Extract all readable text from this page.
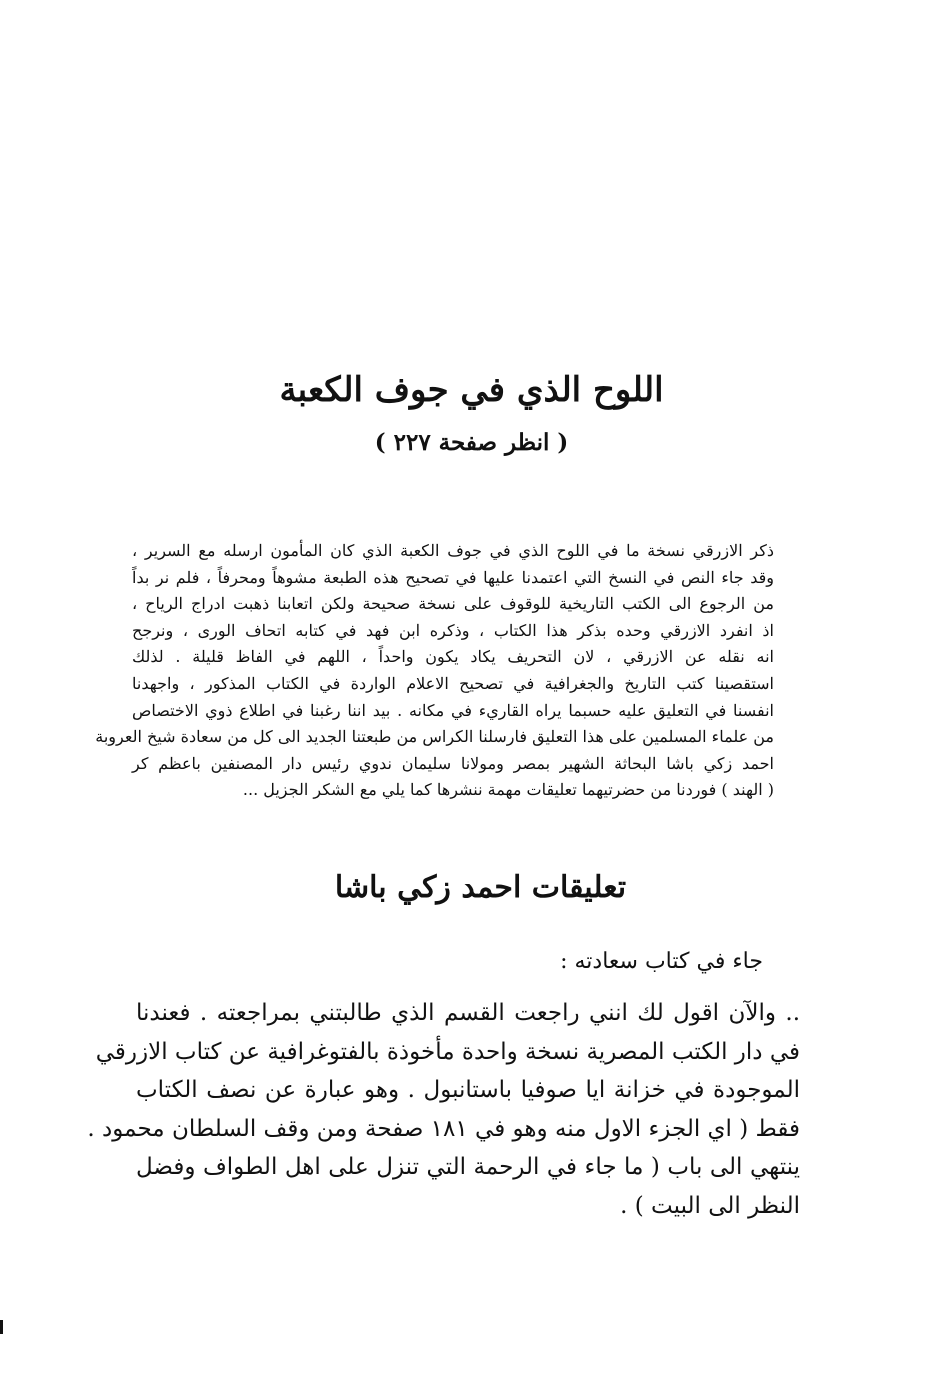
اللوح الذي في جوف الكعبة
( انظر صفحة ٢٢٧ )
ذكر الازرقي نسخة ما في اللوح الذي في جوف الكعبة الذي كان المأمون ارسله مع السرير ،
وقد جاء النص في النسخ التي اعتمدنا عليها في تصحيح هذه الطبعة مشوهاً ومحرفاً ، فلم نر بداً
من الرجوع الى الكتب التاريخية للوقوف على نسخة صحيحة ولكن اتعابنا ذهبت ادراج الرياح ،
اذ انفرد الازرقي وحده بذكر هذا الكتاب ، وذكره ابن فهد في كتابه اتحاف الورى ، ونرجح
انه نقله عن الازرقي ، لان التحريف يكاد يكون واحداً ، اللهم في الفاظ قليلة . لذلك
استقصينا كتب التاريخ والجغرافية في تصحيح الاعلام الواردة في الكتاب المذكور ، واجهدنا
انفسنا في التعليق عليه حسبما يراه القاريء في مكانه . بيد اننا رغبنا في اطلاع ذوي الاختصاص
من علماء المسلمين على هذا التعليق فارسلنا الكراس من طبعتنا الجديد الى كل من سعادة شيخ العروبة
احمد زكي باشا البحاثة الشهير بمصر ومولانا سليمان ندوي رئيس دار المصنفين باعظم كر
( الهند ) فوردنا من حضرتيهما تعليقات مهمة ننشرها كما يلي مع الشكر الجزيل ...
تعليقات احمد زكي باشا
جاء في كتاب سعادته :
.. والآن اقول لك انني راجعت القسم الذي طالبتني بمراجعته . فعندنا
في دار الكتب المصرية نسخة واحدة مأخوذة بالفتوغرافية عن كتاب الازرقي
الموجودة في خزانة ايا صوفيا باستانبول . وهو عبارة عن نصف الكتاب
فقط ( اي الجزء الاول منه وهو في ١٨١ صفحة ومن وقف السلطان محمود .
ينتهي الى باب ( ما جاء في الرحمة التي تنزل على اهل الطواف وفضل
النظر الى البيت ) .
